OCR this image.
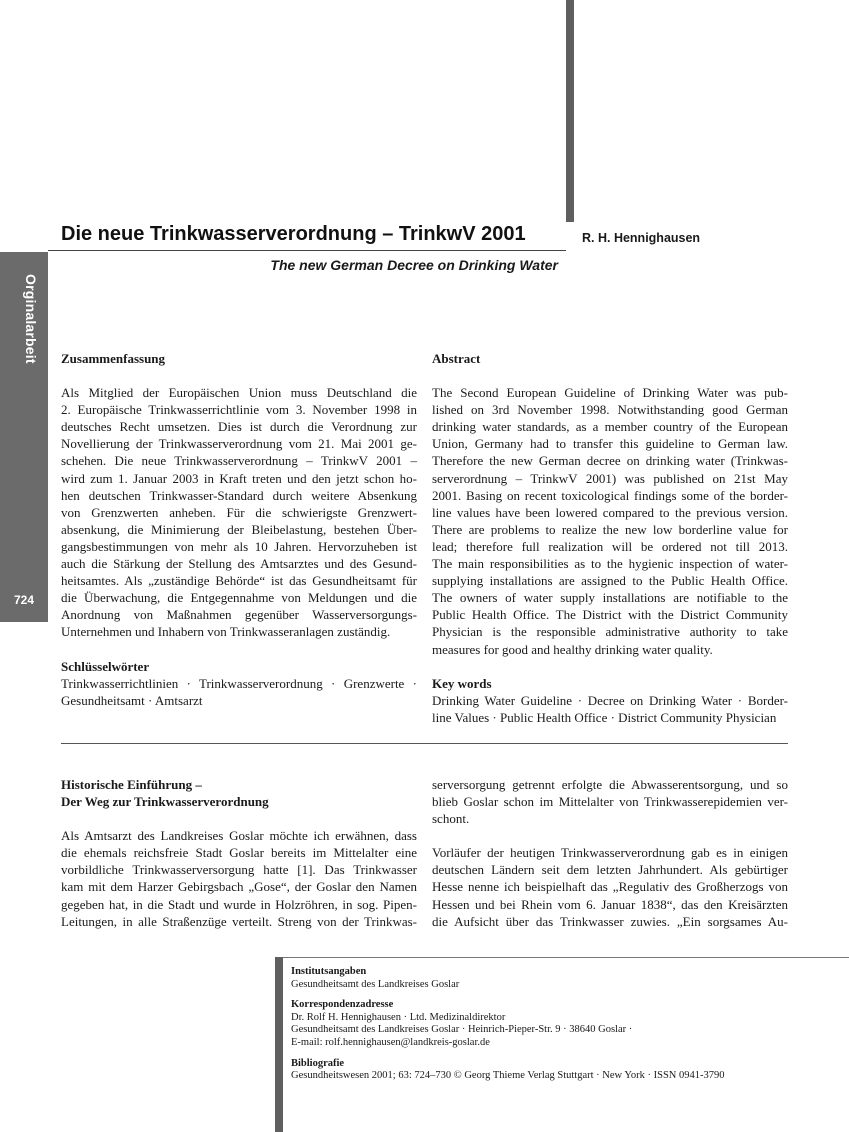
Orginalarbeit
724
Die neue Trinkwasserverordnung – TrinkwV 2001	R. H. Hennighausen
The new German Decree on Drinking Water

Zusammenfassung

Als Mitglied der Europäischen Union muss Deutschland die
2. Europäische Trinkwasserrichtlinie vom 3. November 1998 in
deutsches Recht umsetzen. Dies ist durch die Verordnung zur
Novellierung der Trinkwasserverordnung vom 21. Mai 2001 ge-
schehen. Die neue Trinkwasserverordnung – TrinkwV 2001 –
wird zum 1. Januar 2003 in Kraft treten und den jetzt schon ho-
hen deutschen Trinkwasser-Standard durch weitere Absenkung
von Grenzwerten anheben. Für die schwierigste Grenzwert-
absenkung, die Minimierung der Bleibelastung, bestehen Über-
gangsbestimmungen von mehr als 10 Jahren. Hervorzuheben ist
auch die Stärkung der Stellung des Amtsarztes und des Gesund-
heitsamtes. Als „zuständige Behörde“ ist das Gesundheitsamt für
die Überwachung, die Entgegennahme von Meldungen und die
Anordnung von Maßnahmen gegenüber Wasserversorgungs-
Unternehmen und Inhabern von Trinkwasseranlagen zuständig.

Schlüsselwörter

Trinkwasserrichtlinien · Trinkwasserverordnung · Grenzwerte ·
Gesundheitsamt · Amtsarzt

Abstract

The Second European Guideline of Drinking Water was pub-
lished on 3rd November 1998. Notwithstanding good German
drinking water standards, as a member country of the European
Union, Germany had to transfer this guideline to German law.
Therefore the new German decree on drinking water (Trinkwas-
serverordnung – TrinkwV 2001) was published on 21st May
2001. Basing on recent toxicological findings some of the border-
line values have been lowered compared to the previous version.
There are problems to realize the new low borderline value for
lead; therefore full realization will be ordered not till 2013.
The main responsibilities as to the hygienic inspection of water-
supplying installations are assigned to the Public Health Office.
The owners of water supply installations are notifiable to the
Public Health Office. The District with the District Community
Physician is the responsible administrative authority to take
measures for good and healthy drinking water quality.

Key words

Drinking Water Guideline · Decree on Drinking Water · Border-
line Values · Public Health Office · District Community Physician
Historische Einführung –
Der Weg zur Trinkwasserverordnung
Als Amtsarzt des Landkreises Goslar möchte ich erwähnen, dass
die ehemals reichsfreie Stadt Goslar bereits im Mittelalter eine
vorbildliche Trinkwasserversorgung hatte [1]. Das Trinkwasser
kam mit dem Harzer Gebirgsbach „Gose“, der Goslar den Namen
gegeben hat, in die Stadt und wurde in Holzröhren, in sog. Pipen-
Leitungen, in alle Straßenzüge verteilt. Streng von der Trinkwas-
serversorgung getrennt erfolgte die Abwasserentsorgung, und so
blieb Goslar schon im Mittelalter von Trinkwasserepidemien ver-
schont.
Vorläufer der heutigen Trinkwasserverordnung gab es in einigen
deutschen Ländern seit dem letzten Jahrhundert. Als gebürtiger
Hesse nenne ich beispielhaft das „Regulativ des Großherzogs von
Hessen und bei Rhein vom 6. Januar 1838“, das den Kreisärzten
die Aufsicht über das Trinkwasser zuwies. „Ein sorgsames Au-

Institutsangaben

Gesundheitsamt des Landkreises Goslar

Korrespondenzadresse

Dr. Rolf H. Hennighausen · Ltd. Medizinaldirektor
Gesundheitsamt des Landkreises Goslar · Heinrich-Pieper-Str. 9 · 38640 Goslar ·
E-mail: rolf.hennighausen@landkreis-goslar.de

Bibliografie

Gesundheitswesen 2001; 63: 724–730 © Georg Thieme Verlag Stuttgart · New York · ISSN 0941-3790
